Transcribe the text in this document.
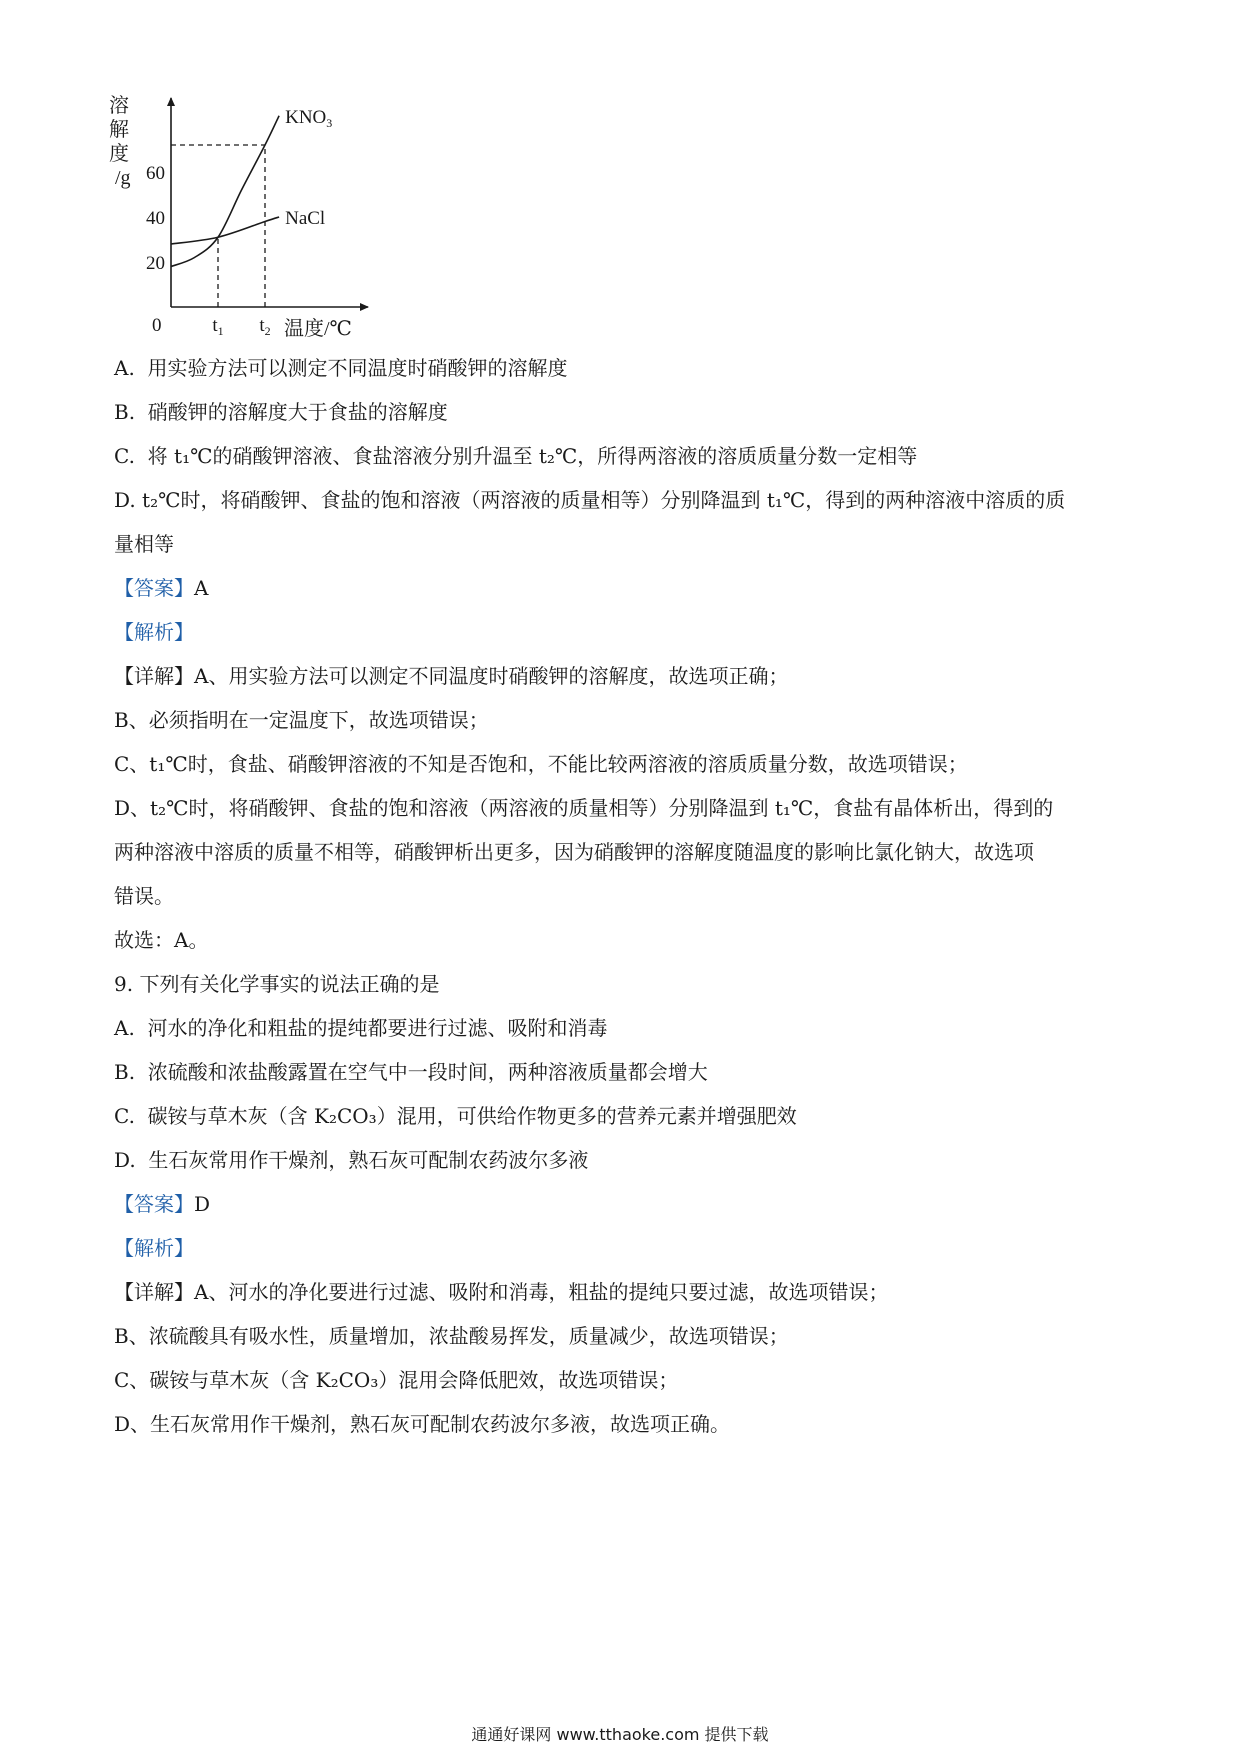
溶
解
度
/g
温度/℃
20
40
60
0	$t_1$ $t_2$
$KNO_3$
NaCl
A. 用实验方法可以测定不同温度时硝酸钾的溶解度
B. 硝酸钾的溶解度大于食盐的溶解度
C. 将 t₁℃的硝酸钾溶液、食盐溶液分别升温至 t₂℃，所得两溶液的溶质质量分数一定相等
D. t₂℃时，将硝酸钾、食盐的饱和溶液（两溶液的质量相等）分别降温到 t₁℃，得到的两种溶液中溶质的质
量相等
【答案】A
【解析】
【详解】A、用实验方法可以测定不同温度时硝酸钾的溶解度，故选项正确；
B、必须指明在一定温度下，故选项错误；
C、t₁℃时，食盐、硝酸钾溶液的不知是否饱和，不能比较两溶液的溶质质量分数，故选项错误；
D、t₂℃时，将硝酸钾、食盐的饱和溶液（两溶液的质量相等）分别降温到 t₁℃，食盐有晶体析出，得到的
两种溶液中溶质的质量不相等，硝酸钾析出更多，因为硝酸钾的溶解度随温度的影响比氯化钠大，故选项
错误。
故选：A。
9. 下列有关化学事实的说法正确的是
A. 河水的净化和粗盐的提纯都要进行过滤、吸附和消毒
B. 浓硫酸和浓盐酸露置在空气中一段时间，两种溶液质量都会增大
C. 碳铵与草木灰（含 K₂CO₃）混用，可供给作物更多的营养元素并增强肥效
D. 生石灰常用作干燥剂，熟石灰可配制农药波尔多液
【答案】D
【解析】
【详解】A、河水的净化要进行过滤、吸附和消毒，粗盐的提纯只要过滤，故选项错误；
B、浓硫酸具有吸水性，质量增加，浓盐酸易挥发，质量减少，故选项错误；
C、碳铵与草木灰（含 K₂CO₃）混用会降低肥效，故选项错误；
D、生石灰常用作干燥剂，熟石灰可配制农药波尔多液，故选项正确。
通通好课网 www.tthaoke.com 提供下载
